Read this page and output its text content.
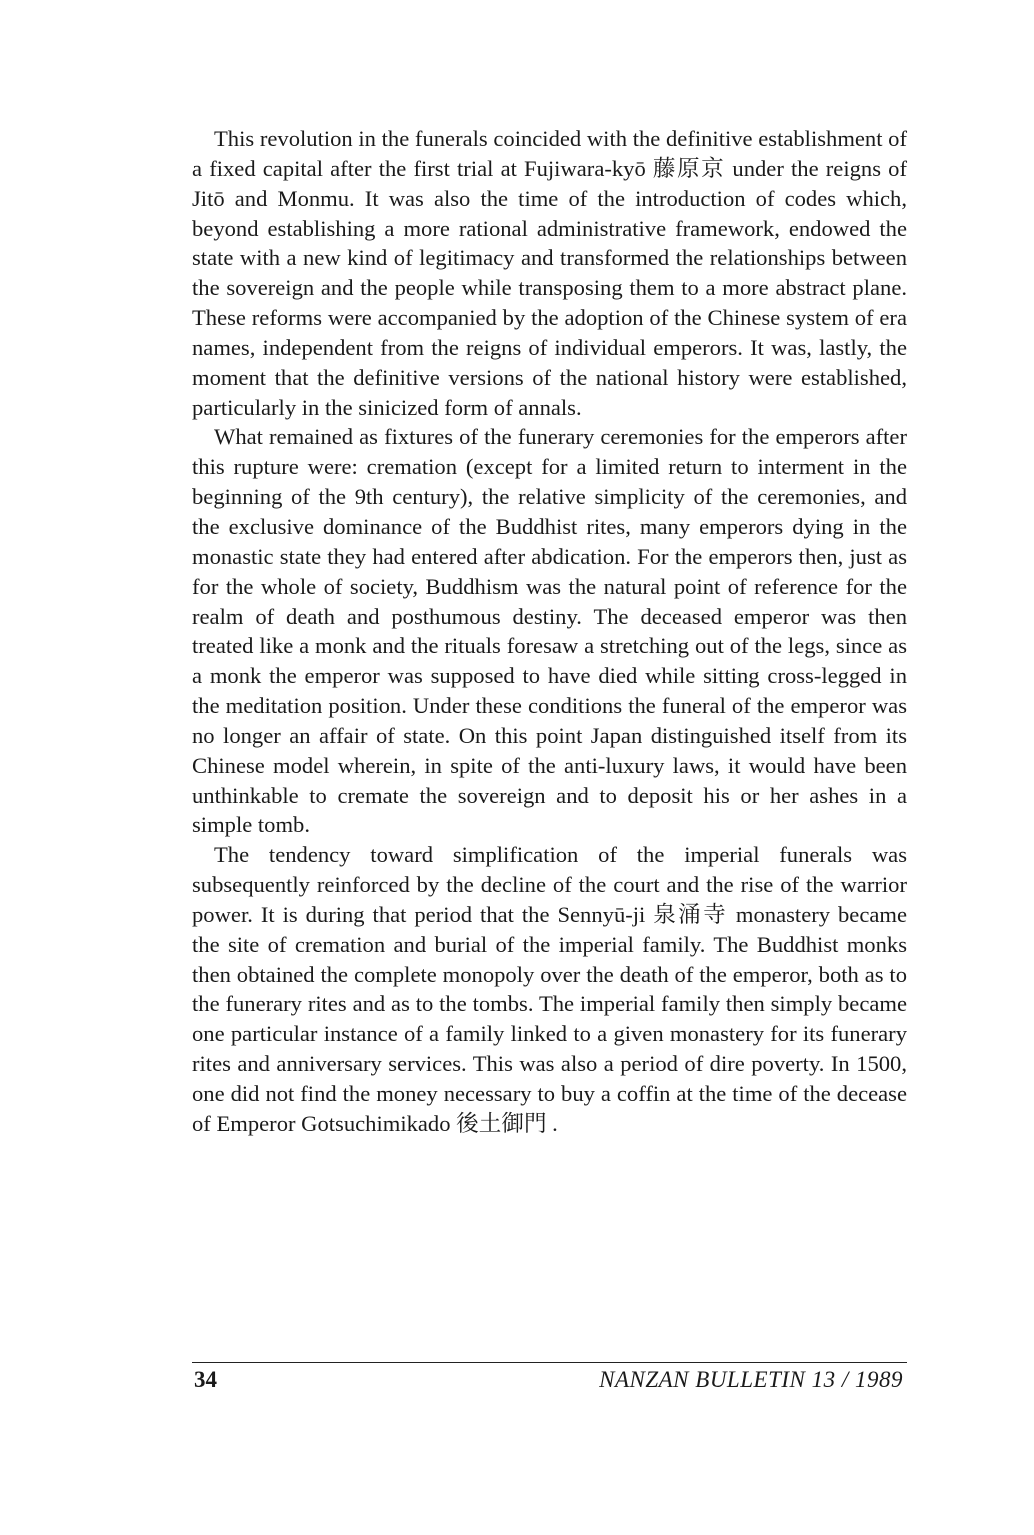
This revolution in the funerals coincided with the definitive establishment of a fixed capital after the first trial at Fujiwara-kyō 藤原京 under the reigns of Jitō and Monmu. It was also the time of the introduction of codes which, beyond establishing a more rational administrative framework, endowed the state with a new kind of legitimacy and transformed the relationships between the sovereign and the people while transposing them to a more abstract plane. These reforms were accompanied by the adoption of the Chinese system of era names, independent from the reigns of individual emperors. It was, lastly, the moment that the definitive versions of the national history were established, particularly in the sinicized form of annals.

What remained as fixtures of the funerary ceremonies for the emperors after this rupture were: cremation (except for a limited return to interment in the beginning of the 9th century), the relative simplicity of the ceremonies, and the exclusive dominance of the Buddhist rites, many emperors dying in the monastic state they had entered after abdication. For the emperors then, just as for the whole of society, Buddhism was the natural point of reference for the realm of death and posthumous destiny. The deceased emperor was then treated like a monk and the rituals foresaw a stretching out of the legs, since as a monk the emperor was supposed to have died while sitting cross-legged in the meditation position. Under these conditions the funeral of the emperor was no longer an affair of state. On this point Japan distinguished itself from its Chinese model wherein, in spite of the anti-luxury laws, it would have been unthinkable to cremate the sovereign and to deposit his or her ashes in a simple tomb.

The tendency toward simplification of the imperial funerals was subsequently reinforced by the decline of the court and the rise of the warrior power. It is during that period that the Sennyū-ji 泉涌寺 monastery became the site of cremation and burial of the imperial family. The Buddhist monks then obtained the complete monopoly over the death of the emperor, both as to the funerary rites and as to the tombs. The imperial family then simply became one particular instance of a family linked to a given monastery for its funerary rites and anniversary services. This was also a period of dire poverty. In 1500, one did not find the money necessary to buy a coffin at the time of the decease of Emperor Gotsuchimikado 後土御門 .

34	NANZAN BULLETIN 13 / 1989
